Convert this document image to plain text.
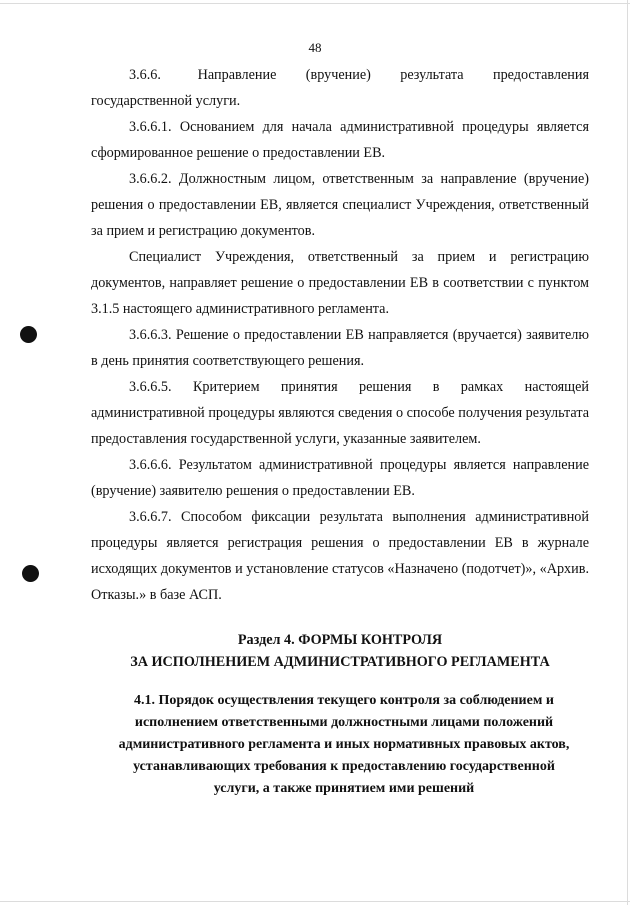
48

3.6.6.          Направление        (вручение)        результата        предоставления государственной услуги.

3.6.6.1. Основанием для начала административной процедуры является сформированное решение о предоставлении ЕВ.

3.6.6.2. Должностным лицом, ответственным за направление (вручение) решения о предоставлении ЕВ, является специалист Учреждения, ответственный за прием и регистрацию документов.

Специалист Учреждения, ответственный за прием и регистрацию документов, направляет решение о предоставлении ЕВ в соответствии с пунктом 3.1.5 настоящего административного регламента.

3.6.6.3. Решение о предоставлении ЕВ направляется (вручается) заявителю в день принятия соответствующего решения.

3.6.6.5. Критерием принятия решения в рамках настоящей административной процедуры являются сведения о способе получения результата предоставления государственной услуги, указанные заявителем.

3.6.6.6. Результатом административной процедуры является направление (вручение) заявителю решения о предоставлении ЕВ.

3.6.6.7. Способом фиксации результата выполнения административной процедуры является регистрация решения о предоставлении ЕВ в журнале исходящих документов и установление статусов «Назначено (подотчет)», «Архив. Отказы.» в базе АСП.

Раздел 4. ФОРМЫ КОНТРОЛЯ
ЗА ИСПОЛНЕНИЕМ АДМИНИСТРАТИВНОГО РЕГЛАМЕНТА
4.1. Порядок осуществления текущего контроля за соблюдением и
исполнением ответственными должностными лицами положений
административного регламента и иных нормативных правовых актов,
устанавливающих требования к предоставлению государственной
услуги, а также принятием ими решений
